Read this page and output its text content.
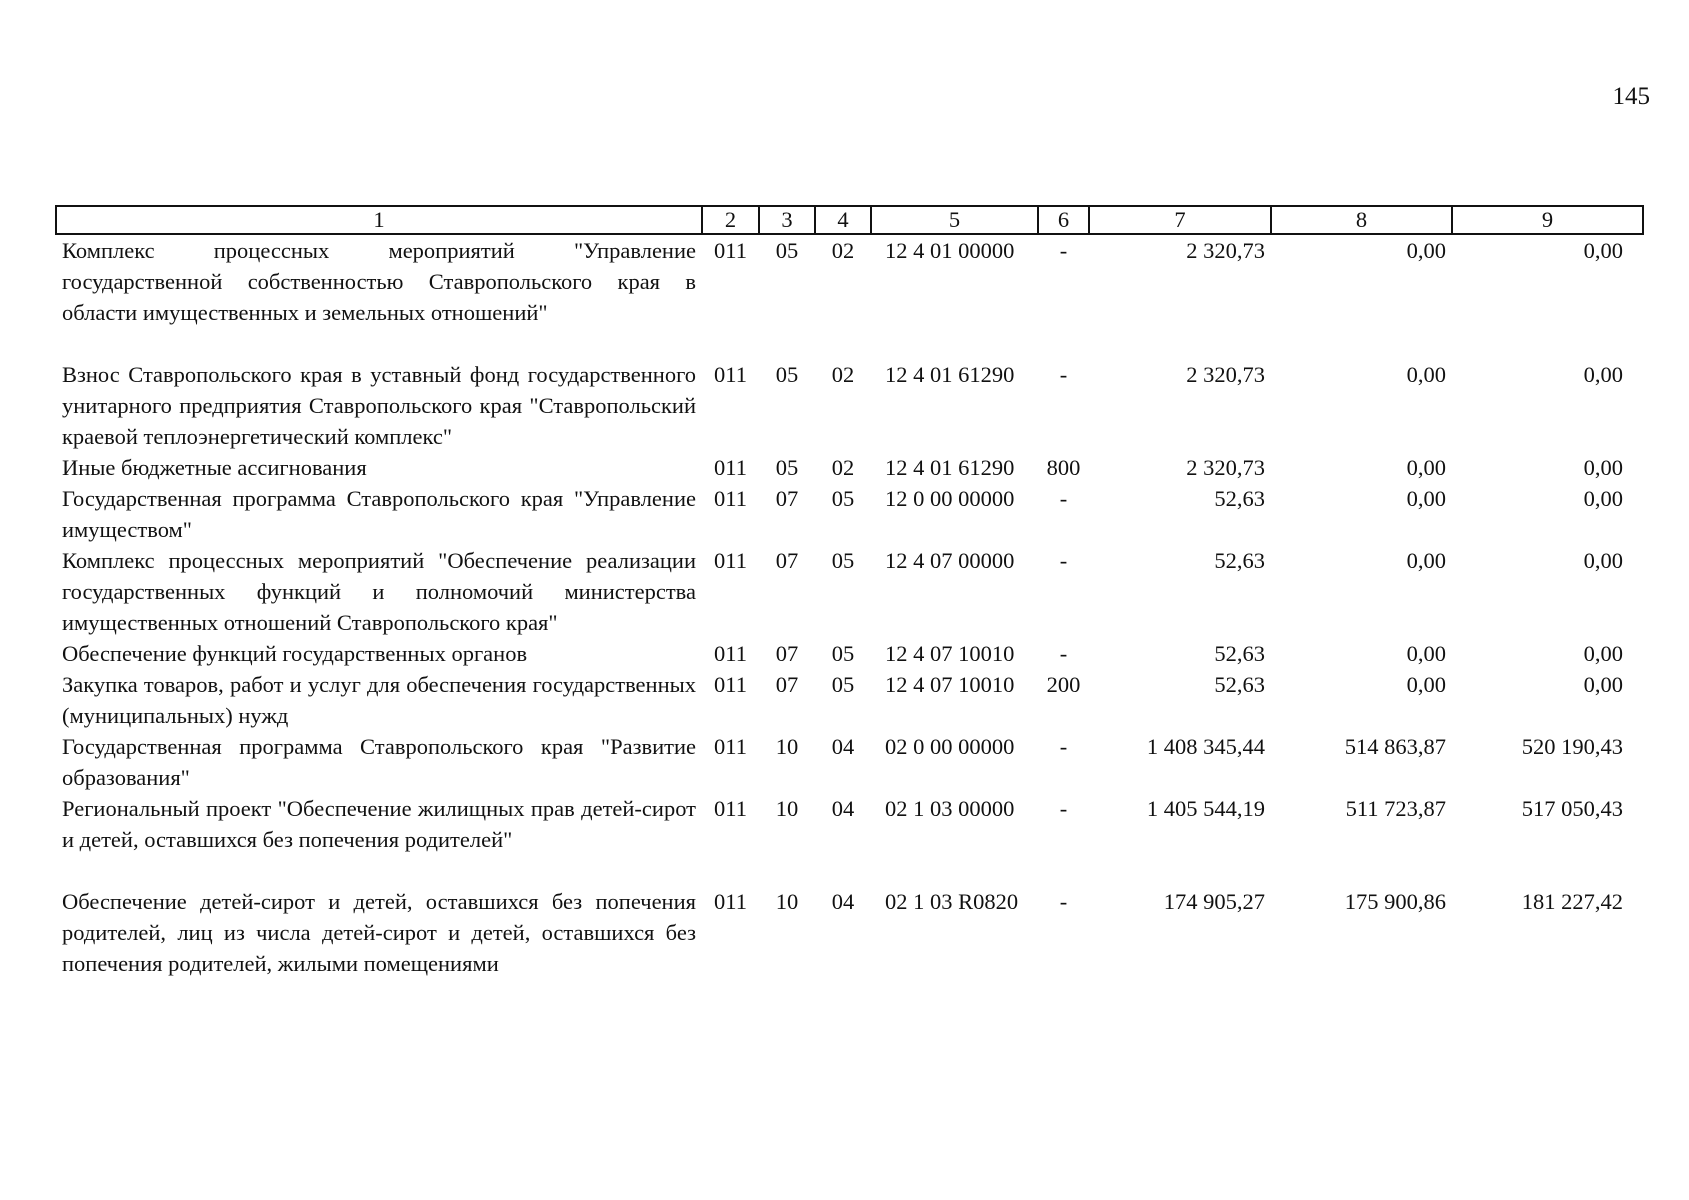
145
1	2	3	4	5	6	7	8	9
Комплекс процессных мероприятий "Управление государственной собственностью Ставропольского края в области имущественных и земельных отношений"	011	05	02	12 4 01 00000	-	2 320,73	0,00	0,00
Взнос Ставропольского края в уставный фонд государственного унитарного предприятия Ставропольского края "Ставропольский краевой теплоэнергетический комплекс"	011	05	02	12 4 01 61290	-	2 320,73	0,00	0,00
Иные бюджетные ассигнования	011	05	02	12 4 01 61290	800	2 320,73	0,00	0,00
Государственная программа Ставропольского края "Управление имуществом"	011	07	05	12 0 00 00000	-	52,63	0,00	0,00
Комплекс процессных мероприятий "Обеспечение реализации государственных функций и полномочий министерства имущественных отношений Ставропольского края"	011	07	05	12 4 07 00000	-	52,63	0,00	0,00
Обеспечение функций государственных органов	011	07	05	12 4 07 10010	-	52,63	0,00	0,00
Закупка товаров, работ и услуг для обеспечения государственных (муниципальных) нужд	011	07	05	12 4 07 10010	200	52,63	0,00	0,00
Государственная программа Ставропольского края "Развитие образования"	011	10	04	02 0 00 00000	-	1 408 345,44	514 863,87	520 190,43
Региональный проект "Обеспечение жилищных прав детей-сирот и детей, оставшихся без попечения родителей"	011	10	04	02 1 03 00000	-	1 405 544,19	511 723,87	517 050,43
Обеспечение детей-сирот и детей, оставшихся без попечения родителей, лиц из числа детей-сирот и детей, оставшихся без попечения родителей, жилыми помещениями	011	10	04	02 1 03 R0820	-	174 905,27	175 900,86	181 227,42
